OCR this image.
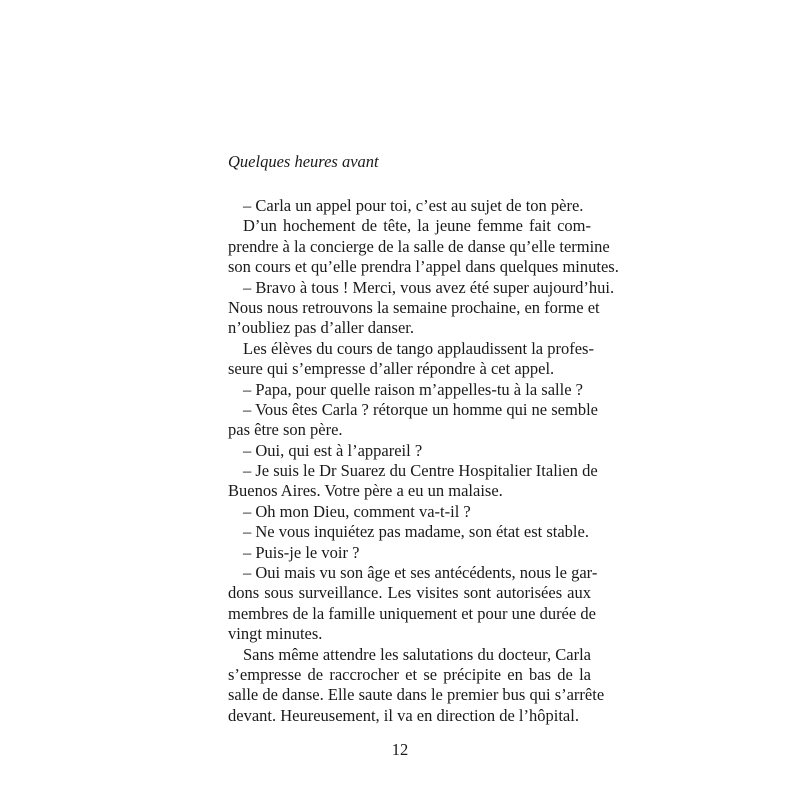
Quelques heures avant
– Carla un appel pour toi, c’est au sujet de ton père.
D’un hochement de tête, la jeune femme fait com-
prendre à la concierge de la salle de danse qu’elle termine
son cours et qu’elle prendra l’appel dans quelques minutes.
– Bravo à tous ! Merci, vous avez été super aujourd’hui.
Nous nous retrouvons la semaine prochaine, en forme et
n’oubliez pas d’aller danser.
Les élèves du cours de tango applaudissent la profes-
seure qui s’empresse d’aller répondre à cet appel.
– Papa, pour quelle raison m’appelles-tu à la salle ?
– Vous êtes Carla ? rétorque un homme qui ne semble
pas être son père.
– Oui, qui est à l’appareil ?
– Je suis le Dr Suarez du Centre Hospitalier Italien de
Buenos Aires. Votre père a eu un malaise.
– Oh mon Dieu, comment va-t-il ?
– Ne vous inquiétez pas madame, son état est stable.
– Puis-je le voir ?
– Oui mais vu son âge et ses antécédents, nous le gar-
dons sous surveillance. Les visites sont autorisées aux
membres de la famille uniquement et pour une durée de
vingt minutes.
Sans même attendre les salutations du docteur, Carla
s’empresse de raccrocher et se précipite en bas de la
salle de danse. Elle saute dans le premier bus qui s’arrête
devant. Heureusement, il va en direction de l’hôpital.
12
